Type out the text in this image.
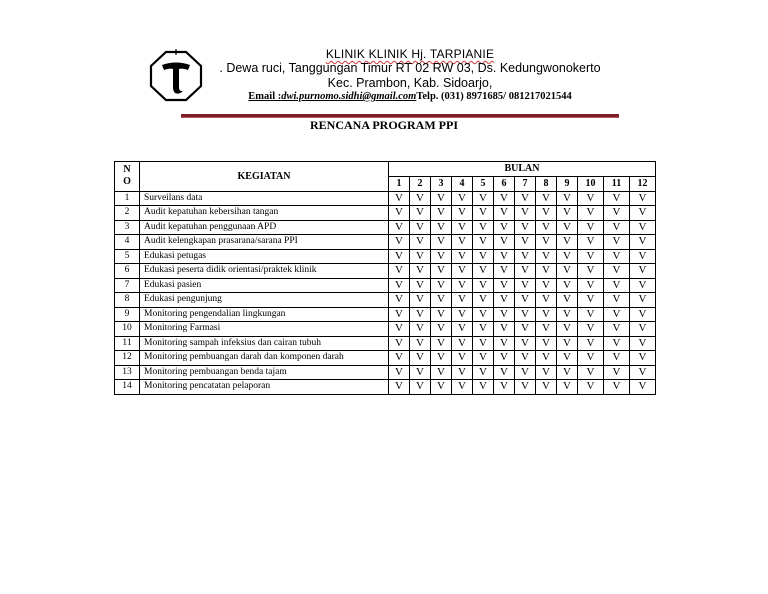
KLINIK KLINIK Hj. TARPIANIE
. Dewa ruci, Tanggungan Timur RT 02 RW 03, Ds. Kedungwonokerto
Kec. Prambon, Kab. Sidoarjo,
Email :dwi.purnomo.sidhi@gmail.comTelp. (031) 8971685/ 081217021544
RENCANA PROGRAM PPI
N
O	KEGIATAN	BULAN											
		1	2	3	4	5	6	7	8	9	10	11	12
1	Surveilans data	V	V	V	V	V	V	V	V	V	V	V	V
2	Audit kepatuhan kebersihan tangan	V	V	V	V	V	V	V	V	V	V	V	V
3	Audit kepatuhan penggunaan APD	V	V	V	V	V	V	V	V	V	V	V	V
4	Audit kelengkapan prasarana/sarana PPI	V	V	V	V	V	V	V	V	V	V	V	V
5	Edukasi petugas	V	V	V	V	V	V	V	V	V	V	V	V
6	Edukasi peserta didik orientasi/praktek klinik	V	V	V	V	V	V	V	V	V	V	V	V
7	Edukasi pasien	V	V	V	V	V	V	V	V	V	V	V	V
8	Edukasi pengunjung	V	V	V	V	V	V	V	V	V	V	V	V
9	Monitoring pengendalian lingkungan	V	V	V	V	V	V	V	V	V	V	V	V
10	Monitoring Farmasi	V	V	V	V	V	V	V	V	V	V	V	V
11	Monitoring sampah infeksius dan cairan tubuh	V	V	V	V	V	V	V	V	V	V	V	V
12	Monitoring pembuangan darah dan komponen darah	V	V	V	V	V	V	V	V	V	V	V	V
13	Monitoring pembuangan benda tajam	V	V	V	V	V	V	V	V	V	V	V	V
14	Monitoring pencatatan pelaporan	V	V	V	V	V	V	V	V	V	V	V	V
